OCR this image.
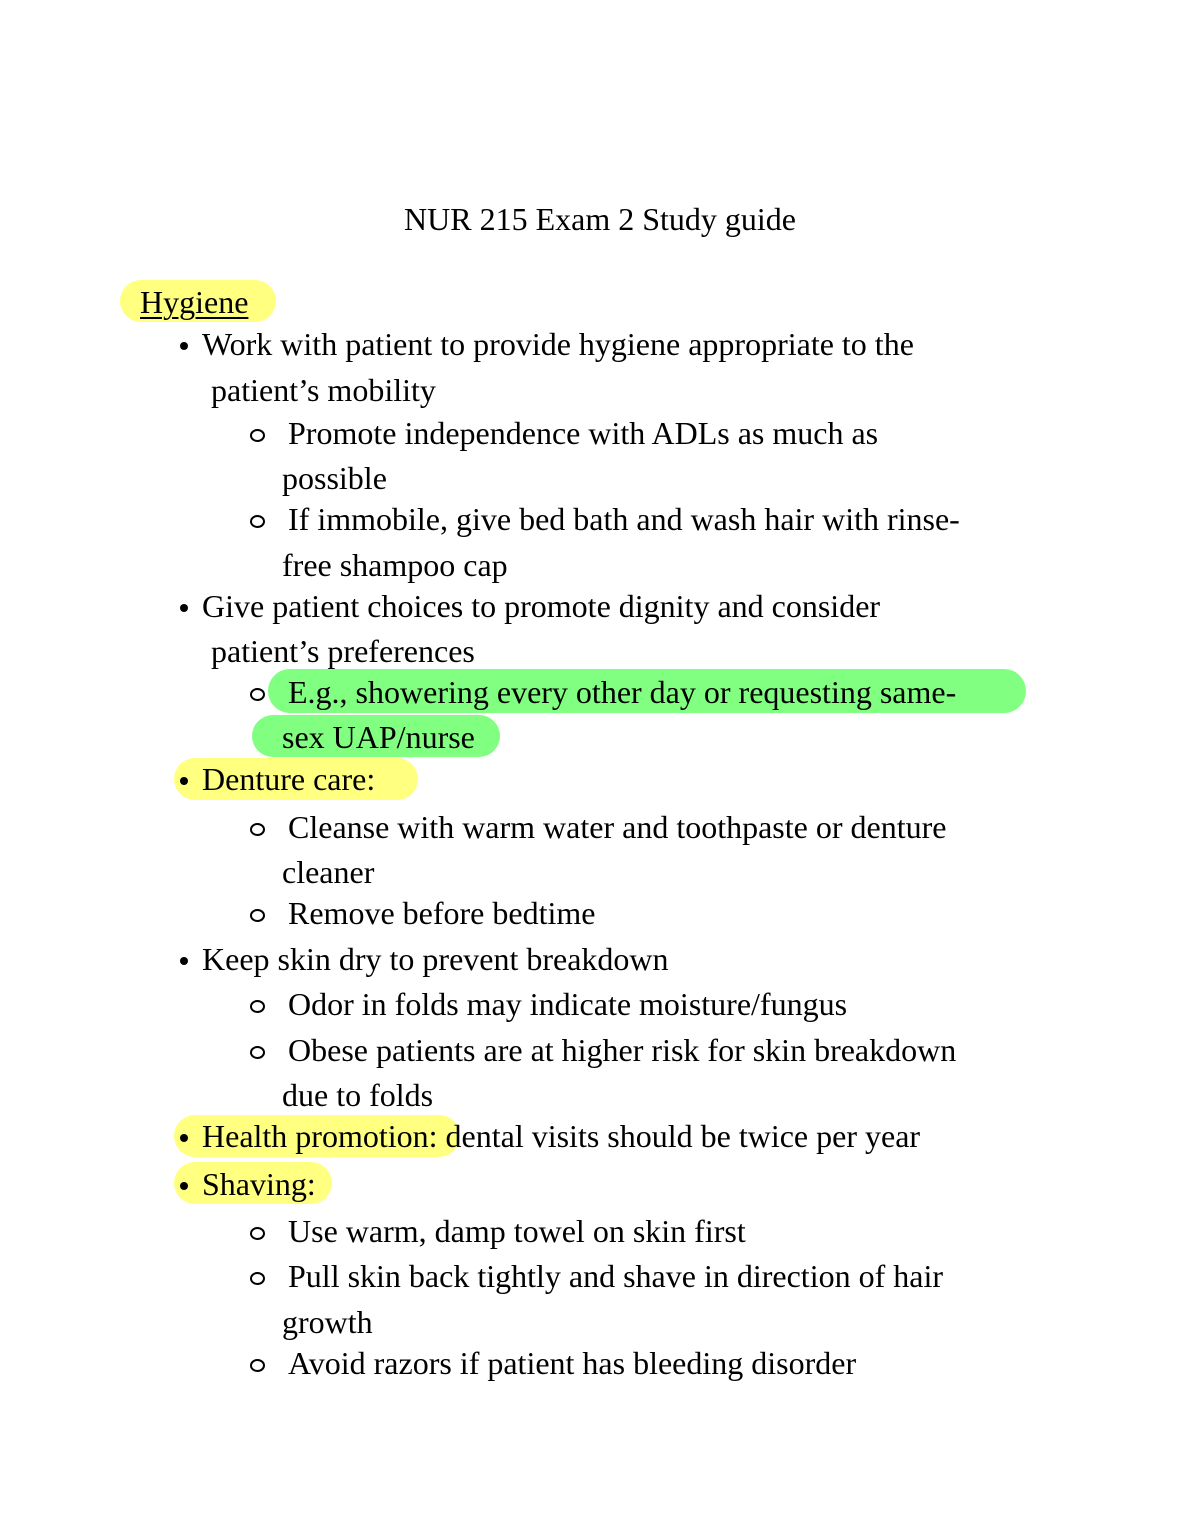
NUR 215 Exam 2 Study guide
Hygiene
Work with patient to provide hygiene appropriate to the
patient’s mobility
Promote independence with ADLs as much as
possible
If immobile, give bed bath and wash hair with rinse-
free shampoo cap
Give patient choices to promote dignity and consider
patient’s preferences
E.g., showering every other day or requesting same-
sex UAP/nurse
Denture care:
Cleanse with warm water and toothpaste or denture
cleaner
Remove before bedtime
Keep skin dry to prevent breakdown
Odor in folds may indicate moisture/fungus
Obese patients are at higher risk for skin breakdown
due to folds
Health promotion: dental visits should be twice per year
Shaving:
Use warm, damp towel on skin first
Pull skin back tightly and shave in direction of hair
growth
Avoid razors if patient has bleeding disorder
